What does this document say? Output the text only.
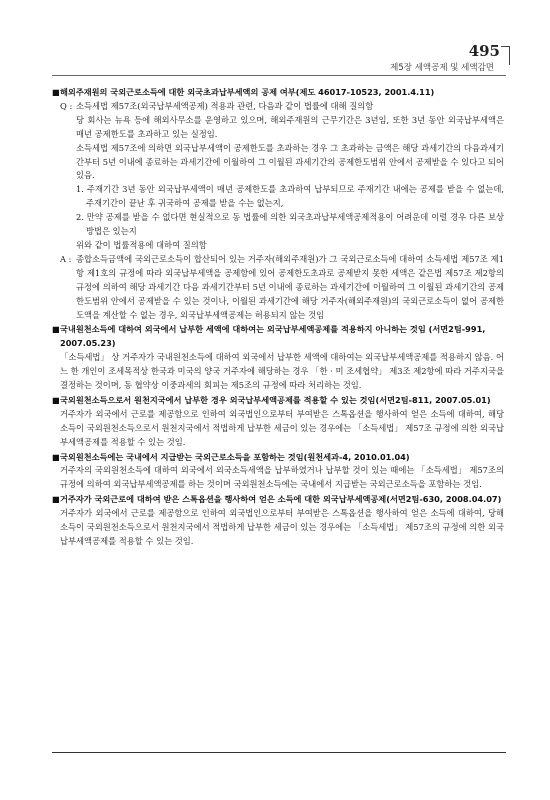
495
제5장 세액공제 및 세액감면
■해외주재원의 국외근로소득에 대한 외국초과납부세액의 공제 여부(제도 46017-10523, 2001.4.11)
Q : 소득세법 제57조(외국납부세액공제) 적용과 관련, 다음과 같이 법률에 대해 질의함

당 회사는 뉴욕 등에 해외사무소를 운영하고 있으며, 해외주재원의 근무기간은 3년임, 또한 3년 동안 외국납부세액은 매년 공제한도를 초과하고 있는 실정임.

소득세법 제57조에 의하면 외국납부세액이 공제한도를 초과하는 경우 그 초과하는 금액은 해당 과세기간의 다음과세기간부터 5년 이내에 종료하는 과세기간에 이월하여 그 이월된 과세기간의 공제한도범위 안에서 공제받을 수 있다고 되어 있음.

1. 주재기간 3년 동안 외국납부세액이 매년 공제한도를 초과하여 납부되므로 주재기간 내에는 공제를 받을 수 없는데, 주재기간이 끝난 후 귀국하여 공제를 받을 수는 없는지,

2. 만약 공제를 받을 수 없다면 현실적으로 동 법률에 의한 외국초과납부세액공제적용이 어려운데 이럴 경우 다른 보상방법은 있는지

위와 같이 법률적용에 대하여 질의함

A : 종합소득금액에 국외근로소득이 합산되어 있는 거주자(해외주재원)가 그 국외근로소득에 대하여 소득세법 제57조 제1항 제1호의 규정에 따라 외국납부세액을 공제함에 있어 공제한도초과로 공제받지 못한 세액은 같은법 제57조 제2항의 규정에 의하여 해당 과세기간 다음 과세기간부터 5년 이내에 종료하는 과세기간에 이월하여 그 이월된 과세기간의 공제한도범위 안에서 공제받을 수 있는 것이나, 이월된 과세기간에 해당 거주자(해외주재원)의 국외근로소득이 없어 공제한도액을 계산할 수 없는 경우, 외국납부세액공제는 허용되지 않는 것임

■국내원천소득에 대하여 외국에서 납부한 세액에 대하여는 외국납부세액공제를 적용하지 아니하는 것임 (서면2팀-991, 2007.05.23)

「소득세법」 상 거주자가 국내원천소득에 대하여 외국에서 납부한 세액에 대하여는 외국납부세액공제를 적용하지 않음. 어느 한 개인이 조세목적상 한국과 미국의 양국 거주자에 해당하는 경우 「한 · 미 조세협약」 제3조 제2항에 따라 거주지국을 결정하는 것이며, 동 협약상 이중과세의 회피는 제5조의 규정에 따라 처리하는 것임.

■국외원천소득으로서 원천지국에서 납부한 경우 외국납부세액공제를 적용할 수 있는 것임(서면2팀-811, 2007.05.01)

거주자가 외국에서 근로를 제공함으로 인하여 외국법인으로부터 부여받은 스톡옵션을 행사하여 얻은 소득에 대하여, 해당 소득이 국외원천소득으로서 원천지국에서 적법하게 납부한 세금이 있는 경우에는 「소득세법」 제57조 규정에 의한 외국납부세액공제를 적용할 수 있는 것임.

■국외원천소득에는 국내에서 지급받는 국외근로소득을 포함하는 것임(원천세과-4, 2010.01.04)

거주자의 국외원천소득에 대하여 외국에서 외국소득세액을 납부하였거나 납부할 것이 있는 때에는 「소득세법」 제57조의 규정에 의하여 외국납부세액공제를 하는 것이며 국외원천소득에는 국내에서 지급받는 국외근로소득을 포함하는 것임.

■거주자가 국외근로에 대하여 받은 스톡옵션을 행사하여 얻은 소득에 대한 외국납부세액공제(서면2팀-630, 2008.04.07)

거주자가 외국에서 근로를 제공함으로 인하여 외국법인으로부터 부여받은 스톡옵션을 행사하여 얻은 소득에 대하여, 당해 소득이 국외원천소득으로서 원천지국에서 적법하게 납부한 세금이 있는 경우에는 「소득세법」 제57조의 규정에 의한 외국납부세액공제를 적용할 수 있는 것임.
